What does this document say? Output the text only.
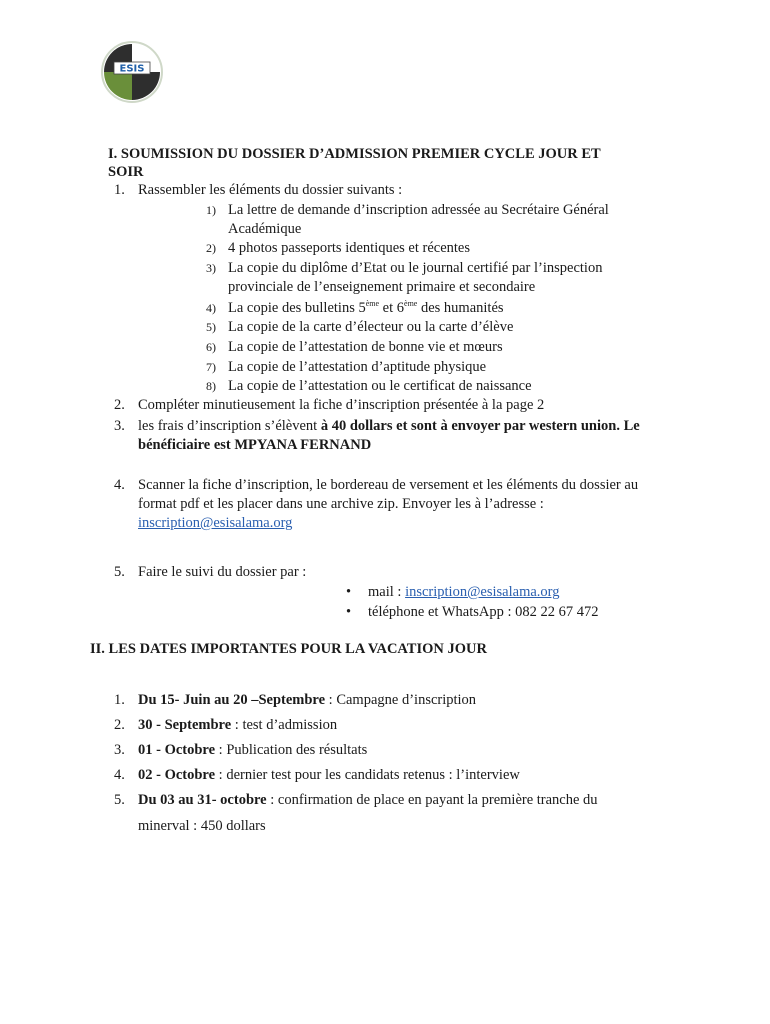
ESIS
I. SOUMISSION DU DOSSIER D’ADMISSION PREMIER CYCLE JOUR ET
SOIR
1. Rassembler les éléments du dossier suivants :
1) La lettre de demande d’inscription adressée au Secrétaire Général
Académique
2) 4 photos passeports identiques et récentes
3) La copie du diplôme d’Etat ou le journal certifié par l’inspection
provinciale de l’enseignement primaire et secondaire
4) La copie des bulletins 5ème et 6ème des humanités
5) La copie de la carte d’électeur ou la carte d’élève
6) La copie de l’attestation de bonne vie et mœurs
7) La copie de l’attestation d’aptitude physique
8) La copie de l’attestation ou le certificat de naissance
2. Compléter minutieusement la fiche d’inscription présentée à la page 2
3. les frais d’inscription s’élèvent à 40 dollars et sont à envoyer par western union. Le
bénéficiaire est MPYANA FERNAND
4. Scanner la fiche d’inscription, le bordereau de versement et les éléments du dossier au
format pdf et les placer dans une archive zip. Envoyer les à l’adresse :
inscription@esisalama.org
5. Faire le suivi du dossier par :
• mail : inscription@esisalama.org
• téléphone et WhatsApp : 082 22 67 472
II. LES DATES IMPORTANTES POUR LA VACATION JOUR
1. Du 15- Juin au 20 –Septembre : Campagne d’inscription
2. 30 - Septembre : test d’admission
3. 01 - Octobre : Publication des résultats
4. 02 - Octobre : dernier test pour les candidats retenus : l’interview
5. Du 03 au 31- octobre : confirmation de place en payant la première tranche du
minerval : 450 dollars
